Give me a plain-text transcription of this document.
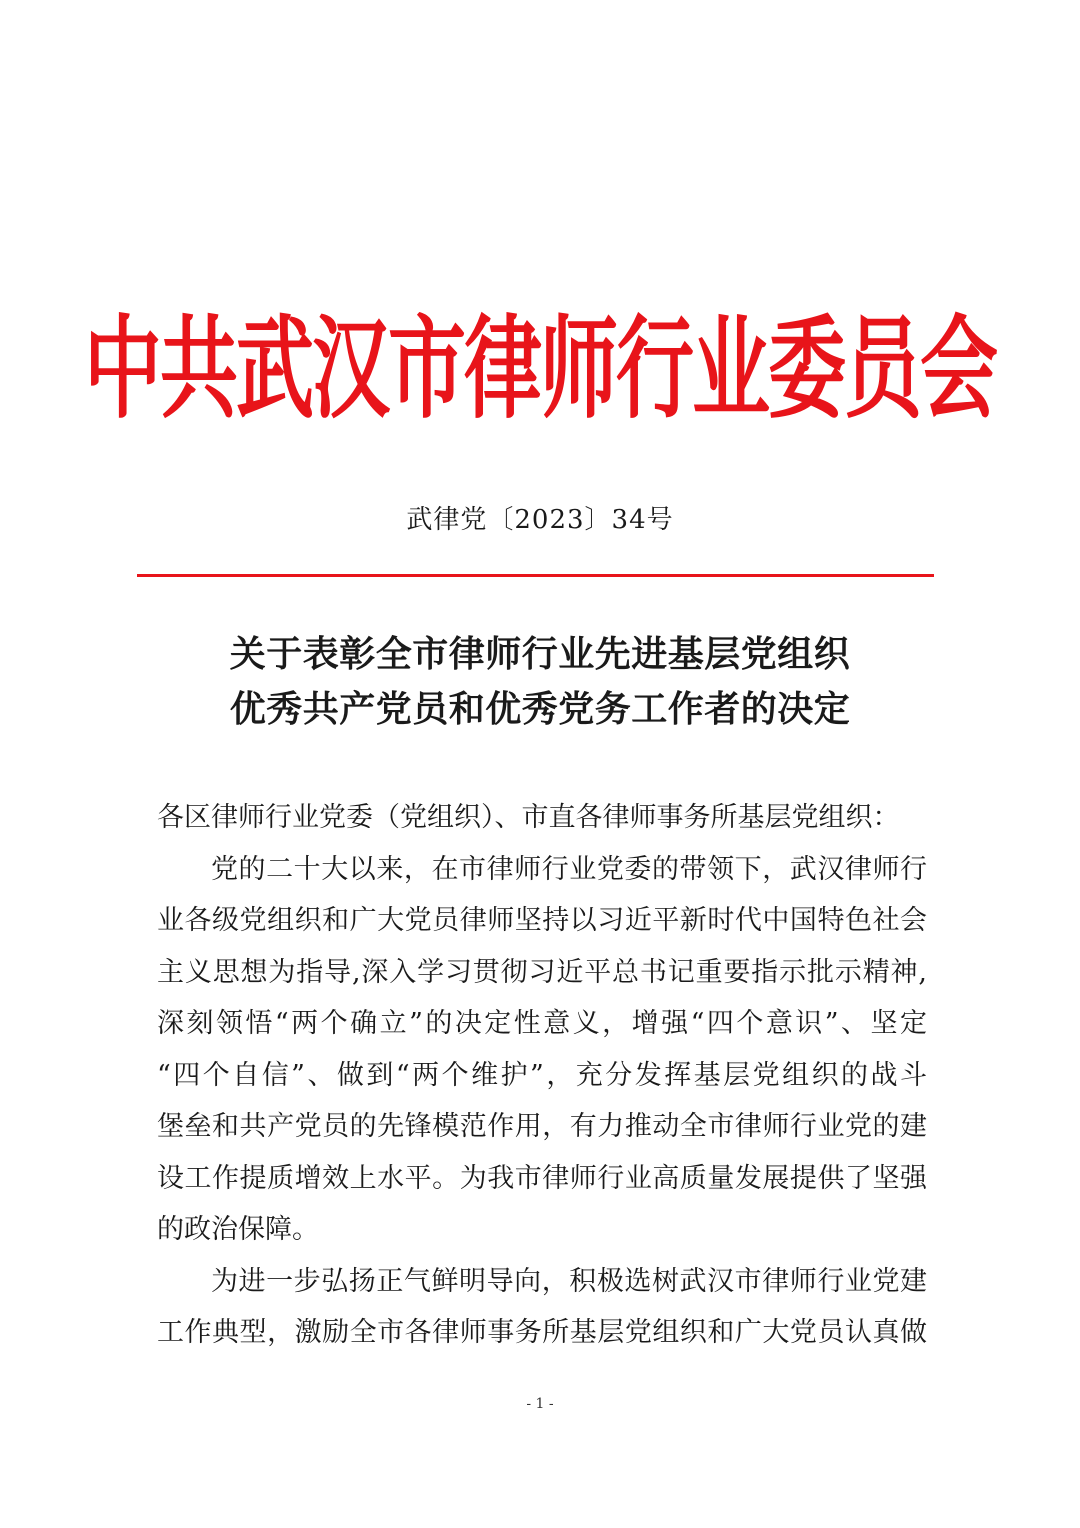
中共武汉市律师行业委员会
武律党〔2023〕34号
关于表彰全市律师行业先进基层党组织
优秀共产党员和优秀党务工作者的决定
各区律师行业党委（党组织）、市直各律师事务所基层党组织：
党的二十大以来，在市律师行业党委的带领下，武汉律师行
业各级党组织和广大党员律师坚持以习近平新时代中国特色社会
主义思想为指导,深入学习贯彻习近平总书记重要指示批示精神,
深刻领悟“两个确立”的决定性意义，增强“四个意识”、坚定
“四个自信”、做到“两个维护”，充分发挥基层党组织的战斗
堡垒和共产党员的先锋模范作用，有力推动全市律师行业党的建
设工作提质增效上水平。为我市律师行业高质量发展提供了坚强
的政治保障。
为进一步弘扬正气鲜明导向，积极选树武汉市律师行业党建
工作典型，激励全市各律师事务所基层党组织和广大党员认真做
- 1 -
